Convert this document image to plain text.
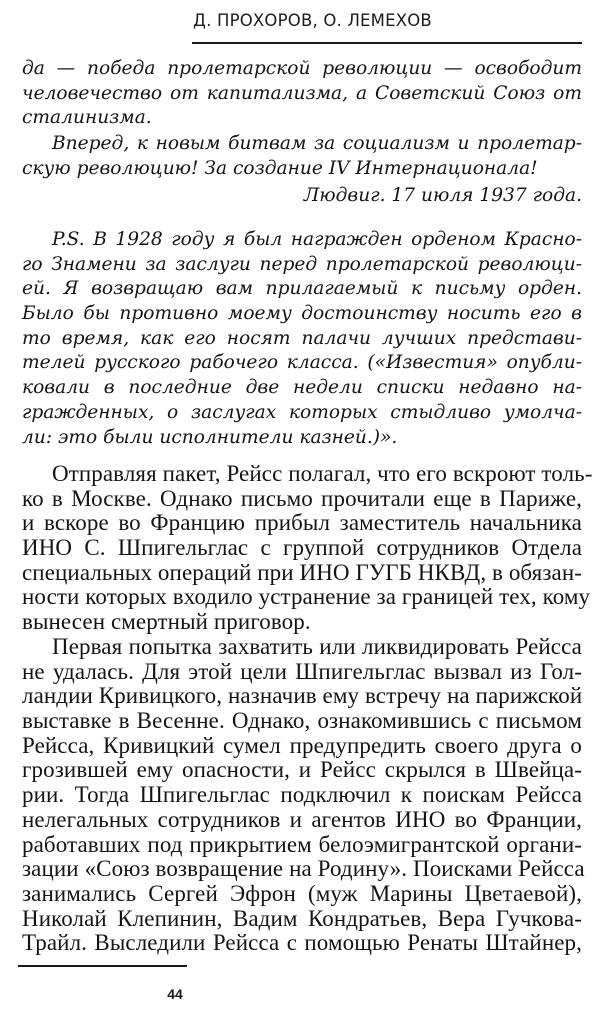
Д. ПРОХОРОВ, О. ЛЕМЕХОВ
да — победа пролетарской революции — освободит
человечество от капитализма, а Советский Союз от
сталинизма.
Вперед, к новым битвам за социализм и пролетар-
скую революцию! За создание IV Интернационала!
Людвиг. 17 июля 1937 года.
P.S. В 1928 году я был награжден орденом Красно-
го Знамени за заслуги перед пролетарской революци-
ей. Я возвращаю вам прилагаемый к письму орден.
Было бы противно моему достоинству носить его в
то время, как его носят палачи лучших представи-
телей русского рабочего класса. («Известия» опубли-
ковали в последние две недели списки недавно на-
гражденных, о заслугах которых стыдливо умолча-
ли: это были исполнители казней.)».
Отправляя пакет, Рейсс полагал, что его вскроют толь-
ко в Москве. Однако письмо прочитали еще в Париже,
и вскоре во Францию прибыл заместитель начальника
ИНО С. Шпигельглас с группой сотрудников Отдела
специальных операций при ИНО ГУГБ НКВД, в обязан-
ности которых входило устранение за границей тех, кому
вынесен смертный приговор.
Первая попытка захватить или ликвидировать Рейсса
не удалась. Для этой цели Шпигельглас вызвал из Гол-
ландии Кривицкого, назначив ему встречу на парижской
выставке в Весенне. Однако, ознакомившись с письмом
Рейсса, Кривицкий сумел предупредить своего друга о
грозившей ему опасности, и Рейсс скрылся в Швейца-
рии. Тогда Шпигельглас подключил к поискам Рейсса
нелегальных сотрудников и агентов ИНО во Франции,
работавших под прикрытием белоэмигрантской органи-
зации «Союз возвращение на Родину». Поисками Рейсса
занимались Сергей Эфрон (муж Марины Цветаевой),
Николай Клепинин, Вадим Кондратьев, Вера Гучкова-
Трайл. Выследили Рейсса с помощью Ренаты Штайнер,
44
